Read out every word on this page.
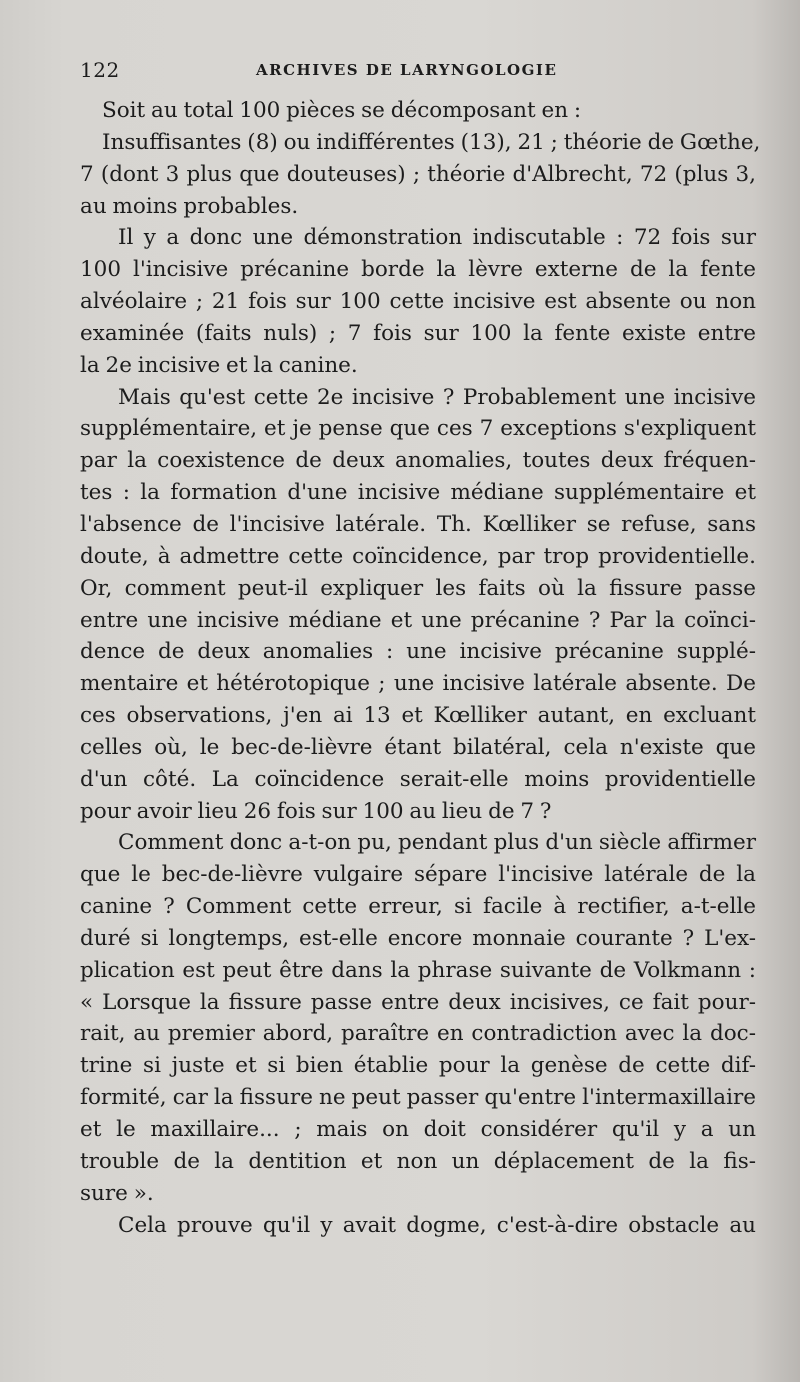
122	ARCHIVES DE LARYNGOLOGIE
Soit au total 100 pièces se décomposant en :
Insuffisantes (8) ou indifférentes (13), 21 ; théorie de Gœthe,
7 (dont 3 plus que douteuses) ; théorie d'Albrecht, 72 (plus 3,
au moins probables.
Il y a donc une démonstration indiscutable : 72 fois sur
100 l'incisive précanine borde la lèvre externe de la fente
alvéolaire ; 21 fois sur 100 cette incisive est absente ou non
examinée (faits nuls) ; 7 fois sur 100 la fente existe entre
la 2e incisive et la canine.
Mais qu'est cette 2e incisive ? Probablement une incisive
supplémentaire, et je pense que ces 7 exceptions s'expliquent
par la coexistence de deux anomalies, toutes deux fréquen-
tes : la formation d'une incisive médiane supplémentaire et
l'absence de l'incisive latérale. Th. Kœlliker se refuse, sans
doute, à admettre cette coïncidence, par trop providentielle.
Or, comment peut-il expliquer les faits où la fissure passe
entre une incisive médiane et une précanine ? Par la coïnci-
dence de deux anomalies : une incisive précanine supplé-
mentaire et hétérotopique ; une incisive latérale absente. De
ces observations, j'en ai 13 et Kœlliker autant, en excluant
celles où, le bec-de-lièvre étant bilatéral, cela n'existe que
d'un côté. La coïncidence serait-elle moins providentielle
pour avoir lieu 26 fois sur 100 au lieu de 7 ?
Comment donc a-t-on pu, pendant plus d'un siècle affirmer
que le bec-de-lièvre vulgaire sépare l'incisive latérale de la
canine ? Comment cette erreur, si facile à rectifier, a-t-elle
duré si longtemps, est-elle encore monnaie courante ? L'ex-
plication est peut être dans la phrase suivante de Volkmann :
« Lorsque la fissure passe entre deux incisives, ce fait pour-
rait, au premier abord, paraître en contradiction avec la doc-
trine si juste et si bien établie pour la genèse de cette dif-
formité, car la fissure ne peut passer qu'entre l'intermaxillaire
et le maxillaire... ; mais on doit considérer qu'il y a un
trouble de la dentition et non un déplacement de la fis-
sure ».
Cela prouve qu'il y avait dogme, c'est-à-dire obstacle au
